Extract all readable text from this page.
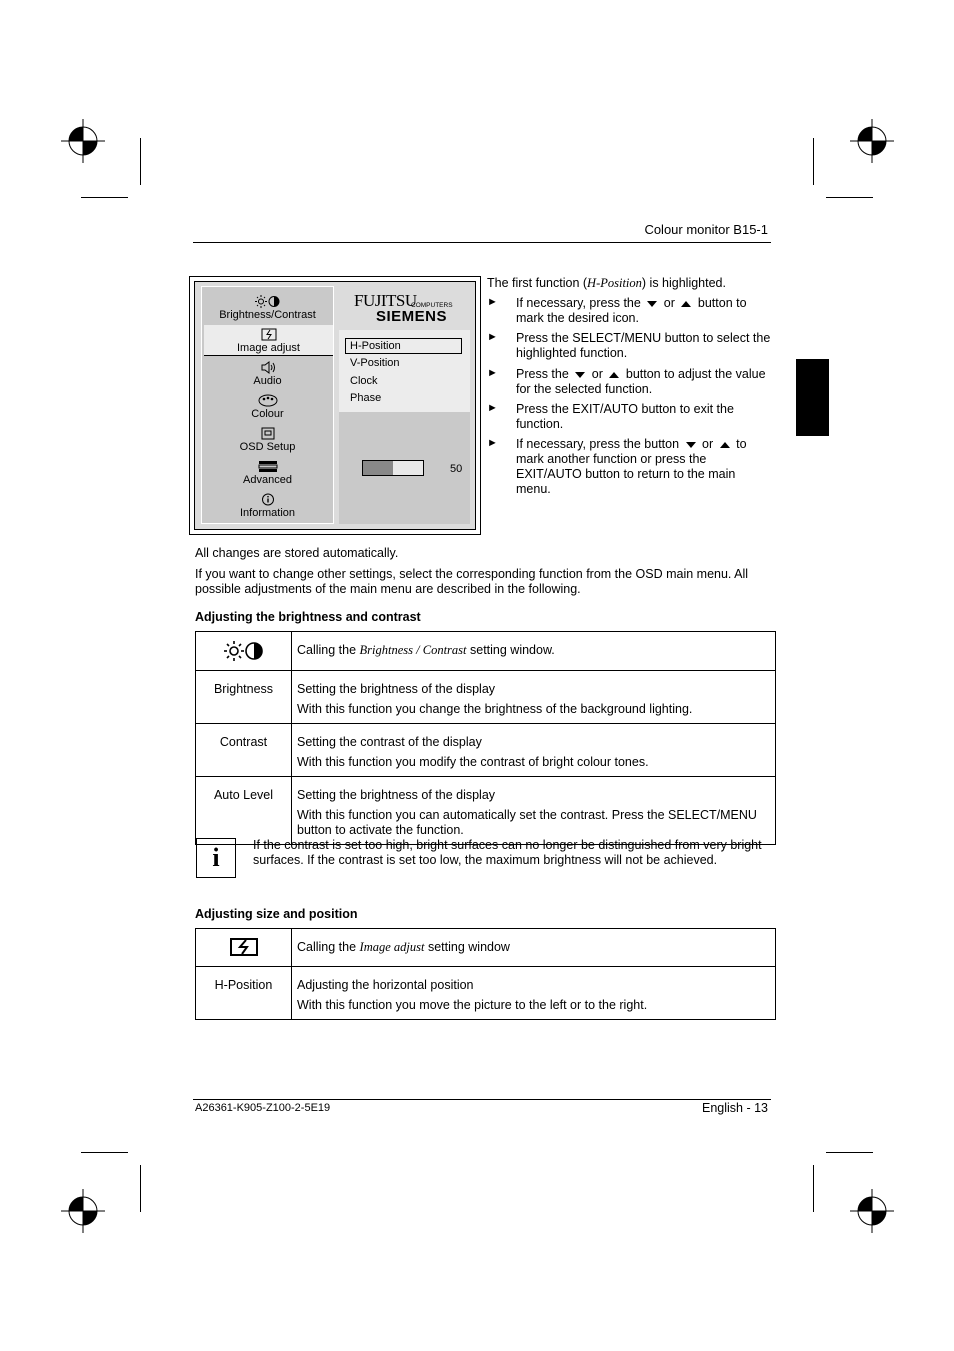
Colour monitor B15-1
Brightness/Contrast
Image adjust
Audio
Colour
OSD Setup
Advanced
Information
FUJITSU
COMPUTERS
SIEMENS
H-Position
V-Position
Clock
Phase
50
The first function (H-Position) is highlighted.
► If necessary, press the or button to mark the desired icon.
► Press the SELECT/MENU button to select the highlighted function.
► Press the or button to adjust the value for the selected function.
► Press the EXIT/AUTO button to exit the function.
► If necessary, press the button or to mark another function or press the EXIT/AUTO button to return to the main menu.
All changes are stored automatically.
If you want to change other settings, select the corresponding function from the OSD main menu. All possible adjustments of the main menu are described in the following.
Adjusting the brightness and contrast
	Calling the Brightness / Contrast setting window.
Brightness	Setting the brightness of the display
With this function you change the brightness of the background lighting.

Contrast	Setting the contrast of the display
With this function you modify the contrast of bright colour tones.

Auto Level	Setting the brightness of the display
With this function you can automatically set the contrast. Press the SELECT/MENU button to activate the function.
i	If the contrast is set too high, bright surfaces can no longer be distinguished from very bright surfaces. If the contrast is set too low, the maximum brightness will not be achieved.
Adjusting size and position
	Calling the Image adjust setting window
H-Position	Adjusting the horizontal position
With this function you move the picture to the left or to the right.
A26361-K905-Z100-2-5E19	English - 13
